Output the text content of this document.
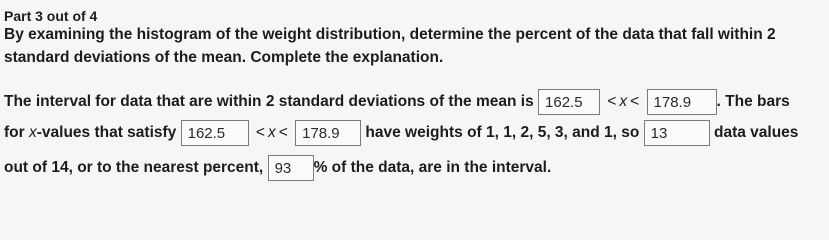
Part 3 out of 4
By examining the histogram of the weight distribution, determine the percent of the data that fall within 2
standard deviations of the mean. Complete the explanation.
The interval for data that are within 2 standard deviations of the mean is 162.5 < x < 178.9 . The bars
for x-values that satisfy 162.5 < x < 178.9 have weights of 1, 1, 2, 5, 3, and 1, so 13	data values
out of 14, or to the nearest percent, 93 % of the data, are in the interval.
